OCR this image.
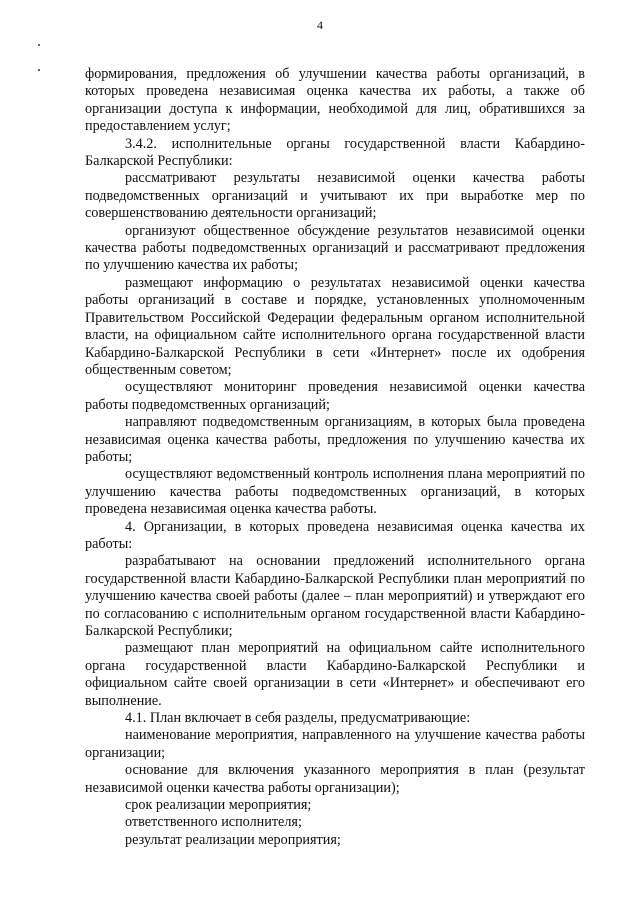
4

формирования, предложения об улучшении качества работы организаций, в которых проведена независимая оценка качества их работы, а также об организации доступа к информации, необходимой для лиц, обратившихся за предоставлением услуг;

3.4.2. исполнительные органы государственной власти Кабардино-Балкарской Республики:

рассматривают результаты независимой оценки качества работы подведомственных организаций и учитывают их при выработке мер по совершенствованию деятельности организаций;

организуют общественное обсуждение результатов независимой оценки качества работы подведомственных организаций и рассматривают предложения по улучшению качества их работы;

размещают информацию о результатах независимой оценки качества работы организаций в составе и порядке, установленных уполномоченным Правительством Российской Федерации федеральным органом исполнительной власти, на официальном сайте исполнительного органа государственной власти Кабардино-Балкарской Республики в сети «Интернет» после их одобрения общественным советом;

осуществляют мониторинг проведения независимой оценки качества работы подведомственных организаций;

направляют подведомственным организациям, в которых была проведена независимая оценка качества работы, предложения по улучшению качества их работы;

осуществляют ведомственный контроль исполнения плана мероприятий по улучшению качества работы подведомственных организаций, в которых проведена независимая оценка качества работы.

4. Организации, в которых проведена независимая оценка качества их работы:

разрабатывают на основании предложений исполнительного органа государственной власти Кабардино-Балкарской Республики план мероприятий по улучшению качества своей работы (далее – план мероприятий) и утверждают его по согласованию с исполнительным органом государственной власти Кабардино-Балкарской Республики;

размещают план мероприятий на официальном сайте исполнительного органа государственной власти Кабардино-Балкарской Республики и официальном сайте своей организации в сети «Интернет» и обеспечивают его выполнение.

4.1. План включает в себя разделы, предусматривающие:

наименование мероприятия, направленного на улучшение качества работы организации;

основание для включения указанного мероприятия в план (результат независимой оценки качества работы организации);

срок реализации мероприятия;

ответственного исполнителя;

результат реализации мероприятия;
